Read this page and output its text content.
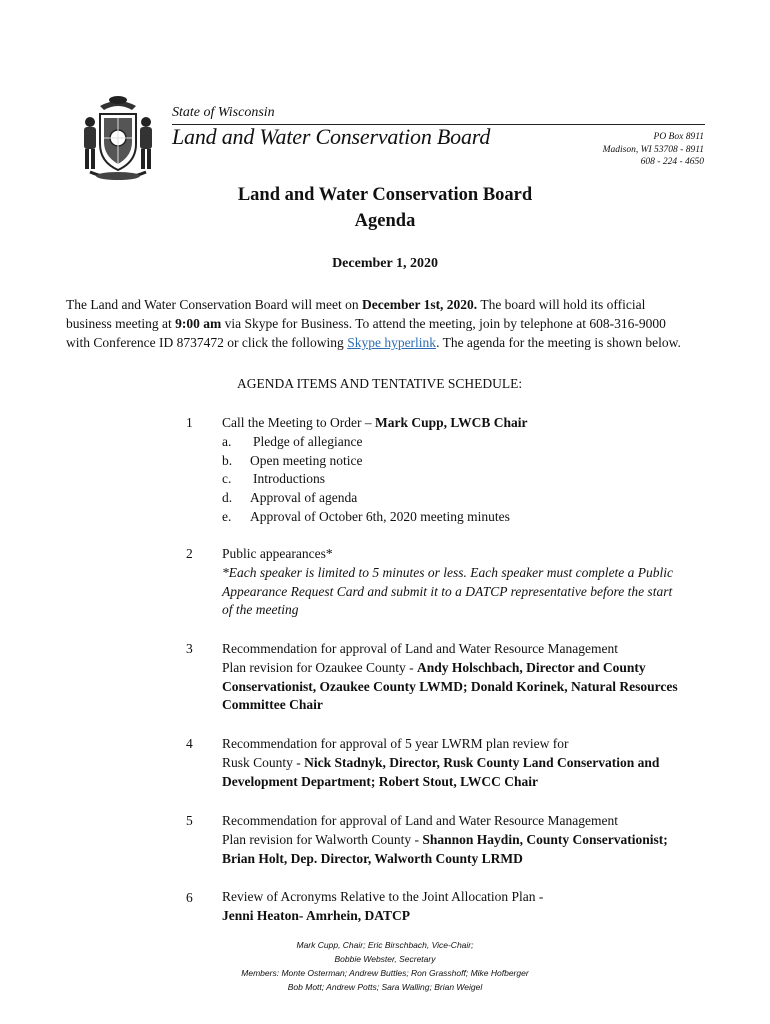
State of Wisconsin
Land and Water Conservation Board	PO Box 8911
Madison, WI 53708 - 8911
608 - 224 - 4650
Land and Water Conservation Board
Agenda
December 1, 2020
The Land and Water Conservation Board will meet on December 1st, 2020. The board will hold its official
business meeting at 9:00 am via Skype for Business. To attend the meeting, join by telephone at 608-316-9000
with Conference ID 8737472 or click the following Skype hyperlink. The agenda for the meeting is shown below.
AGENDA ITEMS AND TENTATIVE SCHEDULE:
1 Call the Meeting to Order – Mark Cupp, LWCB Chair
a. Pledge of allegiance
b. Open meeting notice
c. Introductions
d. Approval of agenda
e. Approval of October 6th, 2020 meeting minutes
2 Public appearances*
*Each speaker is limited to 5 minutes or less. Each speaker must complete a Public
Appearance Request Card and submit it to a DATCP representative before the start
of the meeting
3 Recommendation for approval of Land and Water Resource Management
Plan revision for Ozaukee County - Andy Holschbach, Director and County
Conservationist, Ozaukee County LWMD; Donald Korinek, Natural Resources
Committee Chair
4 Recommendation for approval of 5 year LWRM plan review for
Rusk County - Nick Stadnyk, Director, Rusk County Land Conservation and
Development Department; Robert Stout, LWCC Chair
5 Recommendation for approval of Land and Water Resource Management
Plan revision for Walworth County - Shannon Haydin, County Conservationist;
Brian Holt, Dep. Director, Walworth County LRMD
6 Review of Acronyms Relative to the Joint Allocation Plan -
Jenni Heaton- Amrhein, DATCP
Mark Cupp, Chair; Eric Birschbach, Vice-Chair;
Bobbie Webster, Secretary
Members: Monte Osterman; Andrew Buttles; Ron Grasshoff; Mike Hofberger
Bob Mott; Andrew Potts; Sara Walling; Brian Weigel
